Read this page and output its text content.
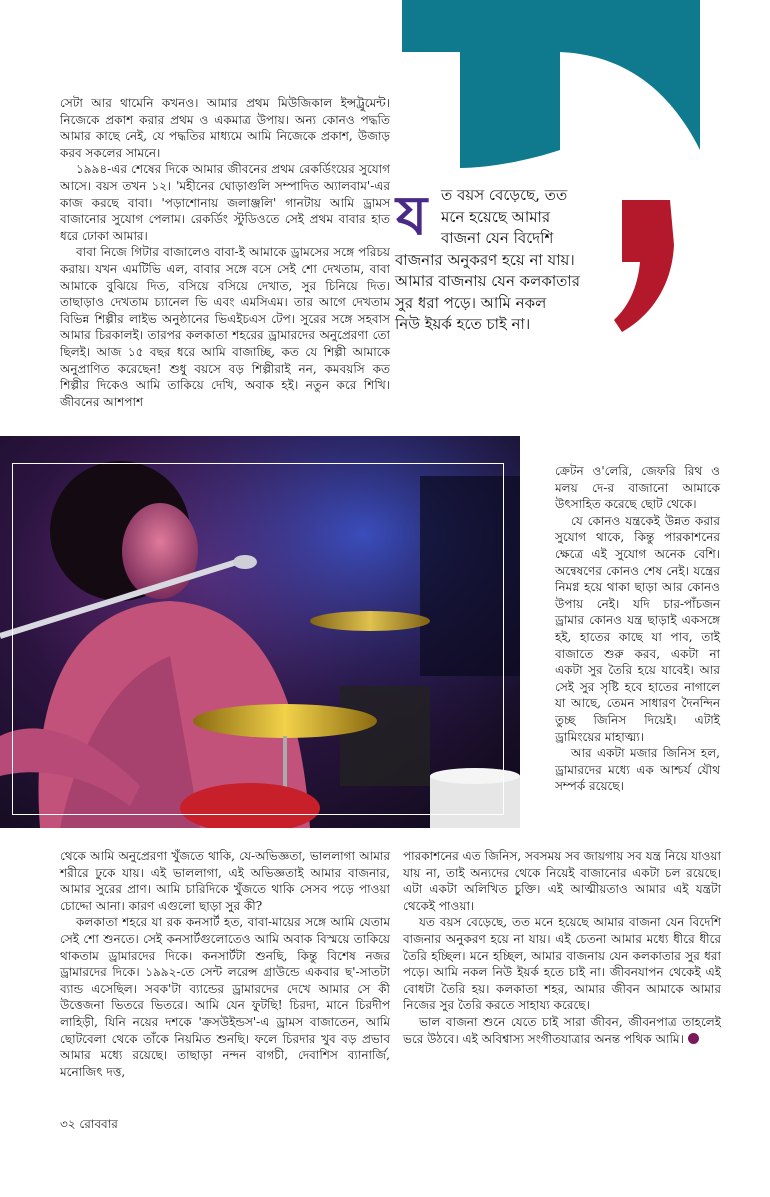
সেটা আর থামেনি কখনও। আমার প্রথম মিউজিকাল ইন্সট্রুমেন্ট। নিজেকে প্রকাশ করার প্রথম ও একমাত্র উপায়। অন্য কোনও পদ্ধতি আমার কাছে নেই, যে পদ্ধতির মাধ্যমে আমি নিজেকে প্রকাশ, উজাড় করব সকলের সামনে।

১৯৯৪-এর শেষের দিকে আমার জীবনের প্রথম রেকর্ডিংয়ের সুযোগ আসে। বয়স তখন ১২। 'মহীনের ঘোড়াগুলি সম্পাদিত অ্যালবাম'-এর কাজ করছে বাবা। 'পড়াশোনায় জলাঞ্জলি' গানটায় আমি ড্রামস বাজানোর সুযোগ পেলাম। রেকর্ডিং স্টুডিওতে সেই প্রথম বাবার হাত ধরে ঢোকা আমার।

বাবা নিজে গিটার বাজালেও বাবা-ই আমাকে ড্রামসের সঙ্গে পরিচয় করায়। যখন এমটিভি এল, বাবার সঙ্গে বসে সেই শো দেখতাম, বাবা আমাকে বুঝিয়ে দিত, বসিয়ে বসিয়ে দেখাত, সুর চিনিয়ে দিত। তাছাড়াও দেখতাম চ্যানেল ভি এবং এমসিএম। তার আগে দেখতাম বিভিন্ন শিল্পীর লাইভ অনুষ্ঠানের ভিএইচএস টেপ। সুরের সঙ্গে সহবাস আমার চিরকালই। তারপর কলকাতা শহরের ড্রামারদের অনুপ্রেরণা তো ছিলই। আজ ১৫ বছর ধরে আমি বাজাচ্ছি, কত যে শিল্পী আমাকে অনুপ্রাণিত করেছেন! শুধু বয়সে বড় শিল্পীরাই নন, কমবয়সি কত শিল্পীর দিকেও আমি তাকিয়ে দেখি, অবাক হই। নতুন করে শিখি। জীবনের আশপাশ

ত বয়স বেড়েছে, তত
মনে হয়েছে আমার
বাজনা যেন বিদেশি
বাজনার অনুকরণ হয়ে না যায়।
আমার বাজনায় যেন কলকাতার
সুর ধরা পড়ে। আমি নকল
নিউ ইয়র্ক হতে চাই না।
য

ক্রেটন ও'লেরি, জেফরি রিথ ও মলয় দে-র বাজানো আমাকে উৎসাহিত করেছে ছোট থেকে।

যে কোনও যন্ত্রকেই উন্নত করার সুযোগ থাকে, কিন্তু পারকাশনের ক্ষেত্রে এই সুযোগ অনেক বেশি। অন্বেষণের কোনও শেষ নেই। যন্ত্রের নিমগ্ন হয়ে থাকা ছাড়া আর কোনও উপায় নেই। যদি চার-পাঁচজন ড্রামার কোনও যন্ত্র ছাড়াই একসঙ্গে হই, হাতের কাছে যা পাব, তাই বাজাতে শুরু করব, একটা না একটা সুর তৈরি হয়ে যাবেই। আর সেই সুর সৃষ্টি হবে হাতের নাগালে যা আছে, তেমন সাধারণ দৈনন্দিন তুচ্ছ জিনিস দিয়েই। এটাই ড্রামিংয়ের মাহাত্ম্য।

আর একটা মজার জিনিস হল, ড্রামারদের মধ্যে এক আশ্চর্য যৌথ সম্পর্ক রয়েছে।

থেকে আমি অনুপ্রেরণা খুঁজতে থাকি, যে-অভিজ্ঞতা, ভাললাগা আমার শরীরে ঢুকে যায়। এই ভাললাগা, এই অভিজ্ঞতাই আমার বাজনার, আমার সুরের প্রাণ। আমি চারিদিকে খুঁজতে থাকি সেসব পড়ে পাওয়া চোদ্দো আনা। কারণ এগুলো ছাড়া সুর কী?

কলকাতা শহরে যা রক কনসার্ট হত, বাবা-মায়ের সঙ্গে আমি যেতাম সেই শো শুনতে। সেই কনসার্টগুলোতেও আমি অবাক বিস্ময়ে তাকিয়ে থাকতাম ড্রামারদের দিকে। কনসার্টটা শুনছি, কিন্তু বিশেষ নজর ড্রামারদের দিকে। ১৯৯২-তে সেন্ট লরেন্স গ্রাউন্ডে একবার ছ'-সাতটা ব্যান্ড এসেছিল। সবক'টা ব্যান্ডের ড্রামারদের দেখে আমার সে কী উত্তেজনা ভিতরে ভিতরে। আমি যেন ফুটছি! চিরদা, মানে চিরদীপ লাহিড়ী, যিনি নয়ের দশকে 'ক্রসউইন্ডস'-এ ড্রামস বাজাতেন, আমি ছোটবেলা থেকে তাঁকে নিয়মিত শুনছি। ফলে চিরদার খুব বড় প্রভাব আমার মধ্যে রয়েছে। তাছাড়া নন্দন বাগচী, দেবাশিস ব্যানার্জি, মনোজিৎ দত্ত,

পারকাশনের এত জিনিস, সবসময় সব জায়গায় সব যন্ত্র নিয়ে যাওয়া যায় না, তাই অন্যদের থেকে নিয়েই বাজানোর একটা চল রয়েছে। এটা একটা অলিখিত চুক্তি। এই আত্মীয়তাও আমার এই যন্ত্রটা থেকেই পাওয়া।

যত বয়স বেড়েছে, তত মনে হয়েছে আমার বাজনা যেন বিদেশি বাজনার অনুকরণ হয়ে না যায়। এই চেতনা আমার মধ্যে ধীরে ধীরে তৈরি হচ্ছিল। মনে হচ্ছিল, আমার বাজনায় যেন কলকাতার সুর ধরা পড়ে। আমি নকল নিউ ইয়র্ক হতে চাই না। জীবনযাপন থেকেই এই বোধটা তৈরি হয়। কলকাতা শহর, আমার জীবন আমাকে আমার নিজের সুর তৈরি করতে সাহায্য করেছে।

ভাল বাজনা শুনে যেতে চাই সারা জীবন, জীবনপাত্র তাহলেই ভরে উঠবে। এই অবিশ্বাস্য সংগীতযাত্রার অনন্ত পথিক আমি।

৩২ রোববার
